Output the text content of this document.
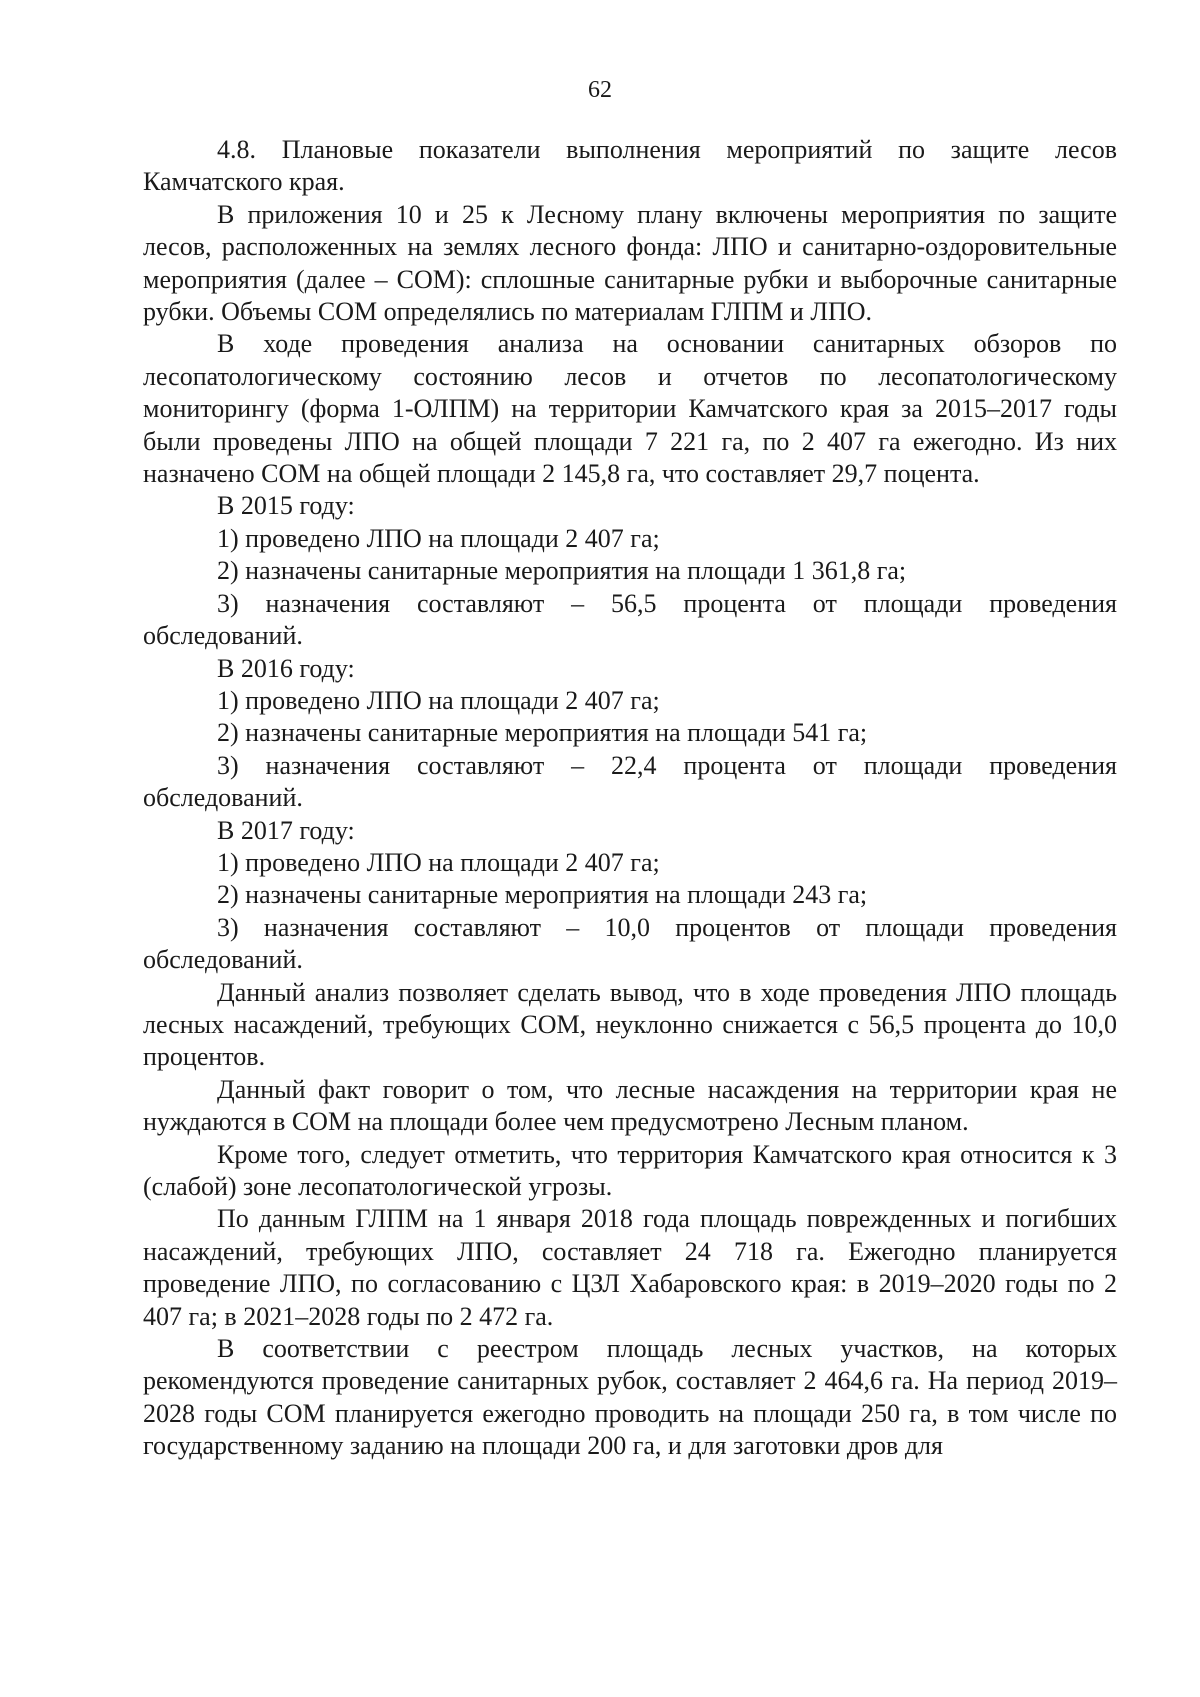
62

4.8. Плановые показатели выполнения мероприятий по защите лесов Камчатского края.

В приложения 10 и 25 к Лесному плану включены мероприятия по защите лесов, расположенных на землях лесного фонда: ЛПО и санитарно-оздоровительные мероприятия (далее – СОМ): сплошные санитарные рубки и выборочные санитарные рубки. Объемы СОМ определялись по материалам ГЛПМ и ЛПО.

В ходе проведения анализа на основании санитарных обзоров по лесопатологическому состоянию лесов и отчетов по лесопатологическому мониторингу (форма 1-ОЛПМ) на территории Камчатского края за 2015–2017 годы были проведены ЛПО на общей площади 7 221 га, по 2 407 га ежегодно. Из них назначено СОМ на общей площади 2 145,8 га, что составляет 29,7 поцента.

В 2015 году:

1) проведено ЛПО на площади 2 407 га;

2) назначены санитарные мероприятия на площади 1 361,8 га;

3) назначения составляют – 56,5 процента от площади проведения обследований.

В 2016 году:

1) проведено ЛПО на площади 2 407 га;

2) назначены санитарные мероприятия на площади 541 га;

3) назначения составляют – 22,4 процента от площади проведения обследований.

В 2017 году:

1) проведено ЛПО на площади 2 407 га;

2) назначены санитарные мероприятия на площади 243 га;

3) назначения составляют – 10,0 процентов от площади проведения обследований.

Данный анализ позволяет сделать вывод, что в ходе проведения ЛПО площадь лесных насаждений, требующих СОМ, неуклонно снижается с 56,5 процента до 10,0 процентов.

Данный факт говорит о том, что лесные насаждения на территории края не нуждаются в СОМ на площади более чем предусмотрено Лесным планом.

Кроме того, следует отметить, что территория Камчатского края относится к 3 (слабой) зоне лесопатологической угрозы.

По данным ГЛПМ на 1 января 2018 года площадь поврежденных и погибших насаждений, требующих ЛПО, составляет 24 718 га. Ежегодно планируется проведение ЛПО, по согласованию с ЦЗЛ Хабаровского края: в 2019–2020 годы по 2 407 га; в 2021–2028 годы по 2 472 га.

В соответствии с реестром площадь лесных участков, на которых рекомендуются проведение санитарных рубок, составляет 2 464,6 га. На период 2019–2028 годы СОМ планируется ежегодно проводить на площади 250 га, в том числе по государственному заданию на площади 200 га, и для заготовки дров для
